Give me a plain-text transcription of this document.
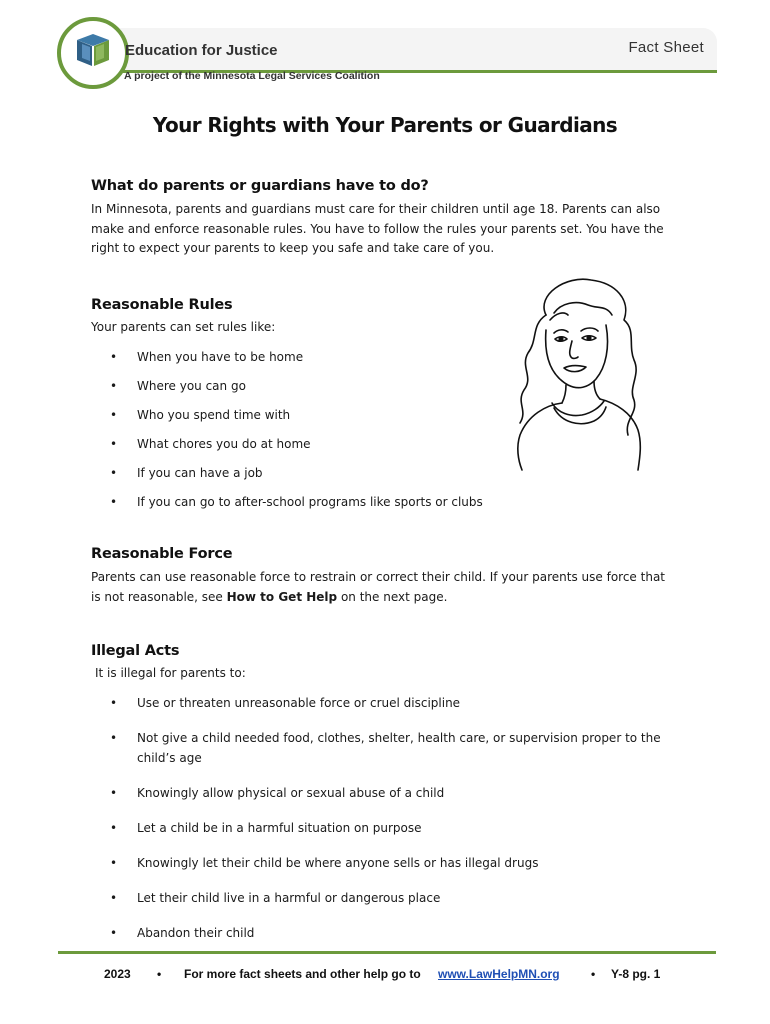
Education for Justice	Fact Sheet
A project of the Minnesota Legal Services Coalition
Your Rights with Your Parents or Guardians
What do parents or guardians have to do?
In Minnesota, parents and guardians must care for their children until age 18. Parents can also
make and enforce reasonable rules. You have to follow the rules your parents set. You have the
right to expect your parents to keep you safe and take care of you.
Reasonable Rules
Your parents can set rules like:
• When you have to be home
• Where you can go
• Who you spend time with
• What chores you do at home
• If you can have a job
• If you can go to after-school programs like sports or clubs
Reasonable Force
Parents can use reasonable force to restrain or correct their child. If your parents use force that
is not reasonable, see How to Get Help on the next page.
Illegal Acts
It is illegal for parents to:
• Use or threaten unreasonable force or cruel discipline
• Not give a child needed food, clothes, shelter, health care, or supervision proper to the
child’s age
• Knowingly allow physical or sexual abuse of a child
• Let a child be in a harmful situation on purpose
• Knowingly let their child be where anyone sells or has illegal drugs
• Let their child live in a harmful or dangerous place
• Abandon their child
2023 • For more fact sheets and other help go to www.LawHelpMN.org	• Y-8 pg. 1
